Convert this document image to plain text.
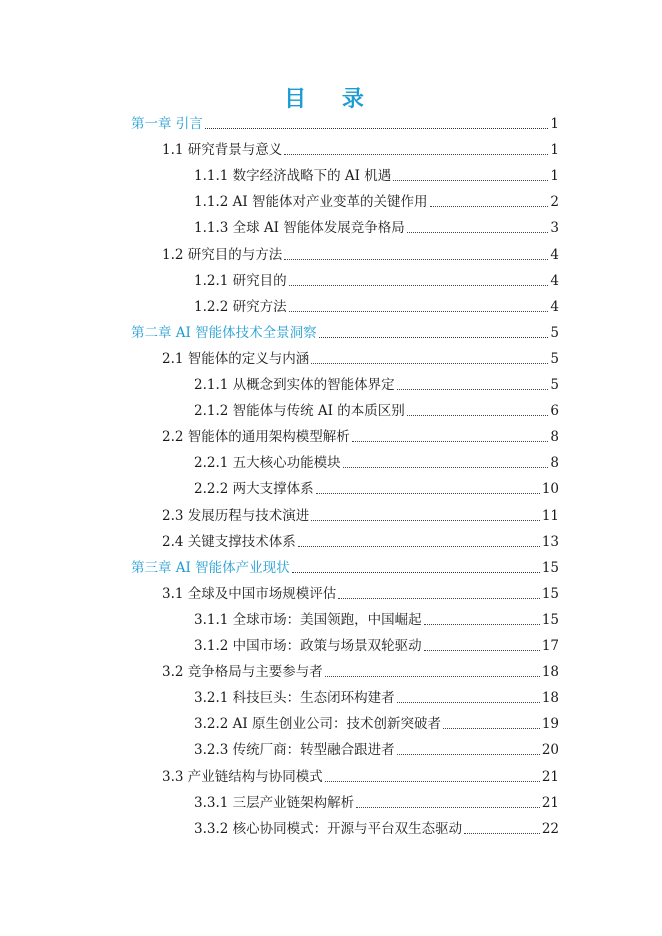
目 录
第一章 引言	1
1.1 研究背景与意义	1
1.1.1 数字经济战略下的 AI 机遇	1
1.1.2 AI 智能体对产业变革的关键作用	2
1.1.3 全球 AI 智能体发展竞争格局	3
1.2 研究目的与方法	4
1.2.1 研究目的	4
1.2.2 研究方法	4
第二章 AI 智能体技术全景洞察	5
2.1 智能体的定义与内涵	5
2.1.1 从概念到实体的智能体界定	5
2.1.2 智能体与传统 AI 的本质区别	6
2.2 智能体的通用架构模型解析	8
2.2.1 五大核心功能模块	8
2.2.2 两大支撑体系	10
2.3 发展历程与技术演进	11
2.4 关键支撑技术体系	13
第三章 AI 智能体产业现状	15
3.1 全球及中国市场规模评估	15
3.1.1 全球市场：美国领跑，中国崛起	15
3.1.2 中国市场：政策与场景双轮驱动	17
3.2 竞争格局与主要参与者	18
3.2.1 科技巨头：生态闭环构建者	18
3.2.2 AI 原生创业公司：技术创新突破者	19
3.2.3 传统厂商：转型融合跟进者	20
3.3 产业链结构与协同模式	21
3.3.1 三层产业链架构解析	21
3.3.2 核心协同模式：开源与平台双生态驱动	22
